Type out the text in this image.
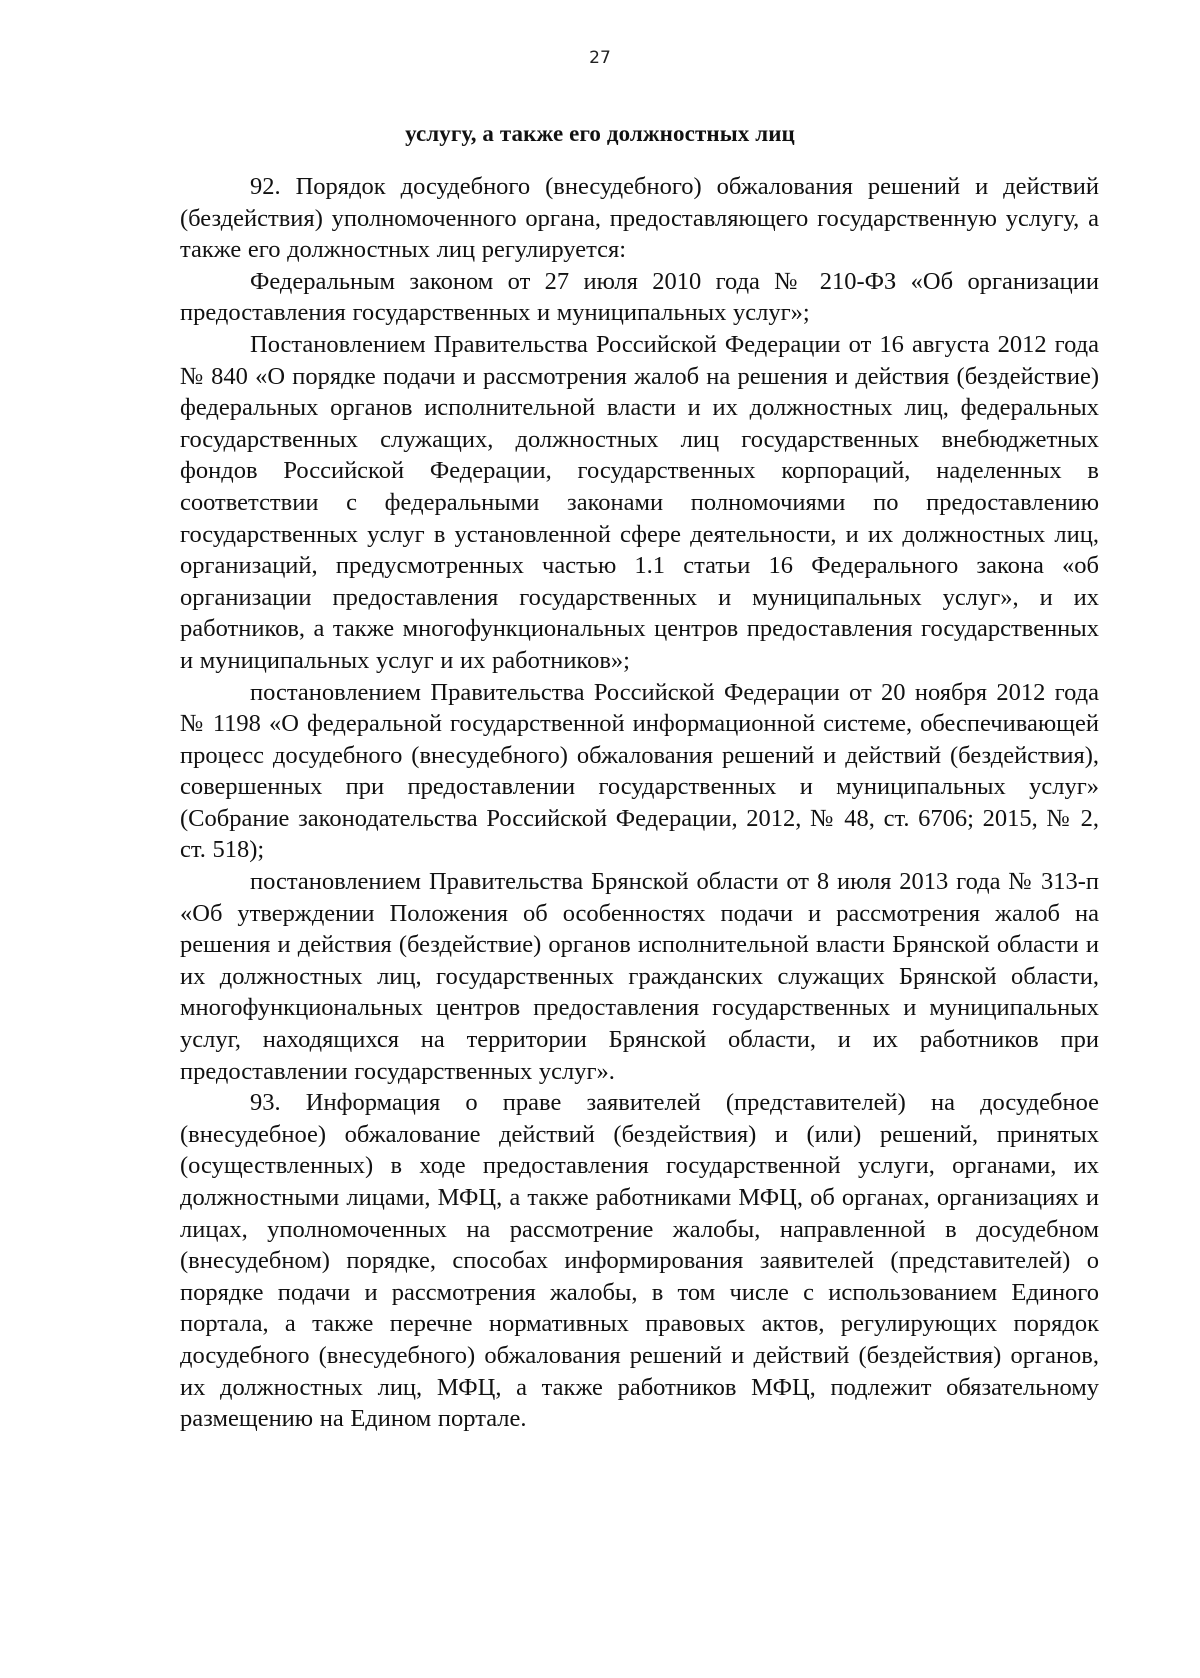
27
услугу, а также его должностных лиц

92. Порядок досудебного (внесудебного) обжалования решений и действий (бездействия) уполномоченного органа, предоставляющего государственную услугу, а также его должностных лиц регулируется:

Федеральным законом от 27 июля 2010 года № 210-ФЗ «Об организации предоставления государственных и муниципальных услуг»;

Постановлением Правительства Российской Федерации от 16 августа 2012 года № 840 «О порядке подачи и рассмотрения жалоб на решения и действия (бездействие) федеральных органов исполнительной власти и их должностных лиц, федеральных государственных служащих, должностных лиц государственных внебюджетных фондов Российской Федерации, государственных корпораций, наделенных в соответствии с федеральными законами полномочиями по предоставлению государственных услуг в установленной сфере деятельности, и их должностных лиц, организаций, предусмотренных частью 1.1 статьи 16 Федерального закона «об организации предоставления государственных и муниципальных услуг», и их работников, а также многофункциональных центров предоставления государственных и муниципальных услуг и их работников»;

постановлением Правительства Российской Федерации от 20 ноября 2012 года № 1198 «О федеральной государственной информационной системе, обеспечивающей процесс досудебного (внесудебного) обжалования решений и действий (бездействия), совершенных при предоставлении государственных и муниципальных услуг» (Собрание законодательства Российской Федерации, 2012, № 48, ст. 6706; 2015, № 2, ст. 518);

постановлением Правительства Брянской области от 8 июля 2013 года № 313-п «Об утверждении Положения об особенностях подачи и рассмотрения жалоб на решения и действия (бездействие) органов исполнительной власти Брянской области и их должностных лиц, государственных гражданских служащих Брянской области, многофункциональных центров предоставления государственных и муниципальных услуг, находящихся на территории Брянской области, и их работников при предоставлении государственных услуг».

93. Информация о праве заявителей (представителей) на досудебное (внесудебное) обжалование действий (бездействия) и (или) решений, принятых (осуществленных) в ходе предоставления государственной услуги, органами, их должностными лицами, МФЦ, а также работниками МФЦ, об органах, организациях и лицах, уполномоченных на рассмотрение жалобы, направленной в досудебном (внесудебном) порядке, способах информирования заявителей (представителей) о порядке подачи и рассмотрения жалобы, в том числе с использованием Единого портала, а также перечне нормативных правовых актов, регулирующих порядок досудебного (внесудебного) обжалования решений и действий (бездействия) органов, их должностных лиц, МФЦ, а также работников МФЦ, подлежит обязательному размещению на Едином портале.
